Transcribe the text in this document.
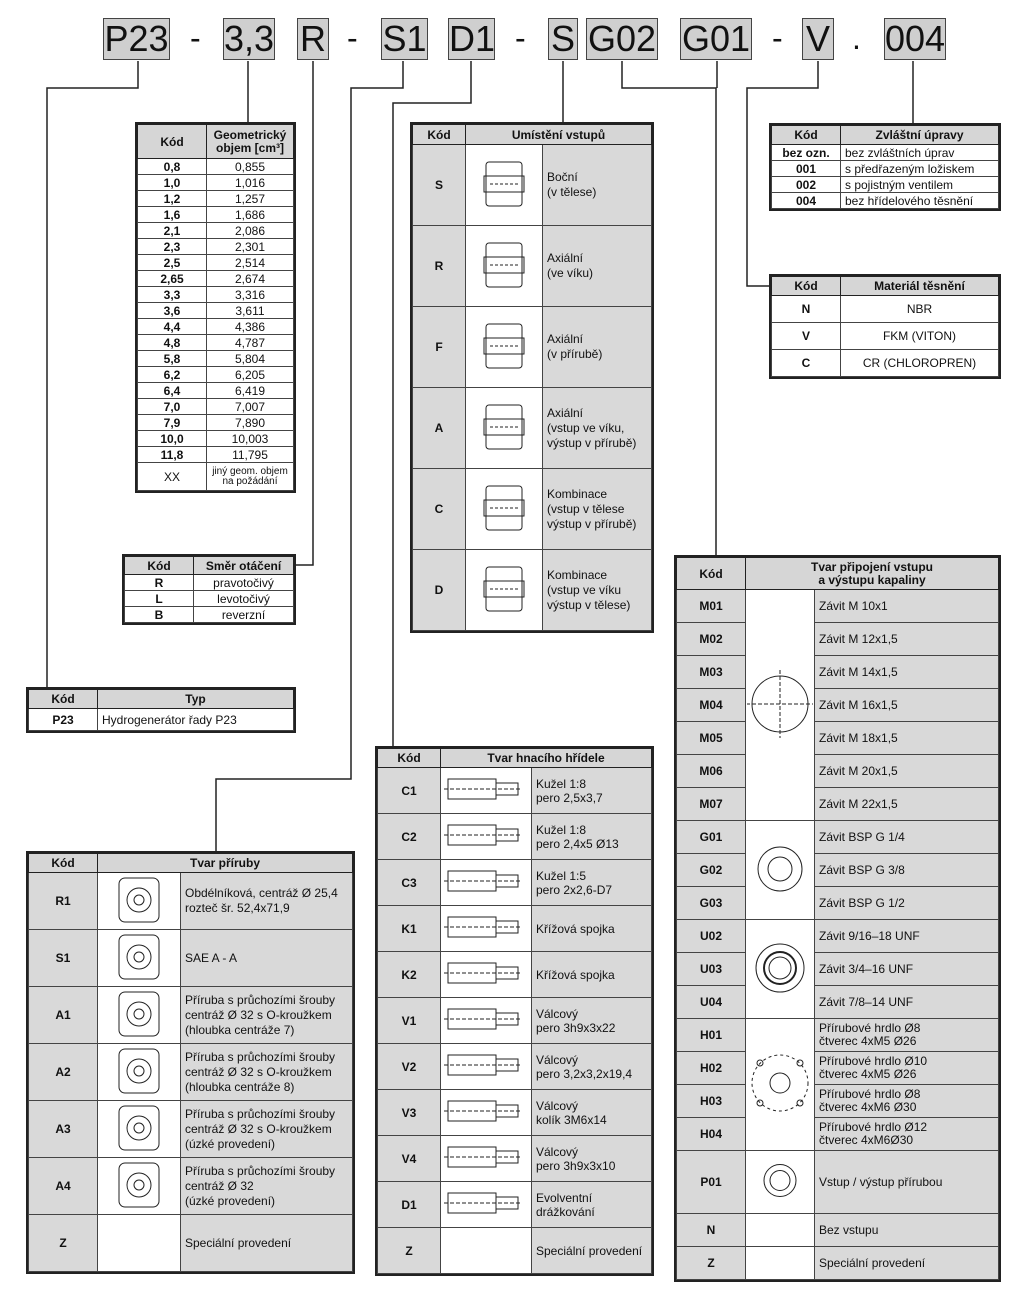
P23 - 3,3 R - S1 D1 - S G02 G01 - V . 004
Kód	Geometrický objem [cm³]
0,8	0,855
1,0	1,016
1,2	1,257
1,6	1,686
2,1	2,086
2,3	2,301
2,5	2,514
2,65	2,674
3,3	3,316
3,6	3,611
4,4	4,386
4,8	4,787
5,8	5,804
6,2	6,205
6,4	6,419
7,0	7,007
7,9	7,890
10,0	10,003
11,8	11,795
XX	jiný geom. objem na požádání
Kód	Směr otáčení
R	pravotočivý
L	levotočivý
B	reverzní
Kód	Typ
P23	Hydrogenerátor řady P23
Kód	Umístění vstupů	
S		Boční
(v tělese)
R		Axiální
(ve víku)
F		Axiální
(v přírubě)
A		Axiální
(vstup ve víku,
výstup v přírubě)
C		Kombinace
(vstup v tělese
výstup v přírubě)
D		Kombinace
(vstup ve víku
výstup v tělese)
Kód	Zvláštní úpravy
bez ozn.	bez zvláštních úprav
001	s předřazeným ložiskem
002	s pojistným ventilem
004	bez hřídelového těsnění
Kód	Materiál těsnění
N	NBR
V	FKM (VITON)
C	CR (CHLOROPREN)
Kód	Tvar příruby	
R1		Obdélníková, centráž Ø 25,4
rozteč šr. 52,4x71,9
S1		SAE A - A
A1		Příruba s průchozími šrouby
centráž Ø 32 s O-kroužkem
(hloubka centráže 7)
A2		Příruba s průchozími šrouby
centráž Ø 32 s O-kroužkem
(hloubka centráže 8)
A3		Příruba s průchozími šrouby
centráž Ø 32 s O-kroužkem
(úzké provedení)
A4		Příruba s průchozími šrouby
centráž Ø 32
(úzké provedení)
Z		Speciální provedení
Kód	Tvar hnacího hřídele	
C1		Kužel 1:8
pero 2,5x3,7
C2		Kužel 1:8
pero 2,4x5 Ø13
C3		Kužel 1:5
pero 2x2,6-D7
K1		Křížová spojka
K2		Křížová spojka
V1		Válcový
pero 3h9x3x22
V2		Válcový
pero 3,2x3,2x19,4
V3		Válcový
kolík 3M6x14
V4		Válcový
pero 3h9x3x10
D1		Evolventní
drážkování
Z		Speciální provedení
Kód	Tvar připojení vstupu
a výstupu kapaliny	
M01		Závit M 10x1
M02		Závit M 12x1,5
M03		Závit M 14x1,5
M04		Závit M 16x1,5
M05		Závit M 18x1,5
M06		Závit M 20x1,5
M07		Závit M 22x1,5
G01		Závit BSP G 1/4
G02		Závit BSP G 3/8
G03		Závit BSP G 1/2
U02		Závit 9/16–18 UNF
U03		Závit 3/4–16 UNF
U04		Závit 7/8–14 UNF
H01		Přírubové hrdlo Ø8
čtverec 4xM5 Ø26
H02		Přírubové hrdlo Ø10
čtverec 4xM5 Ø26
H03		Přírubové hrdlo Ø8
čtverec 4xM6 Ø30
H04		Přírubové hrdlo Ø12
čtverec 4xM6Ø30
P01		Vstup / výstup přírubou
N		Bez vstupu
Z		Speciální provedení
